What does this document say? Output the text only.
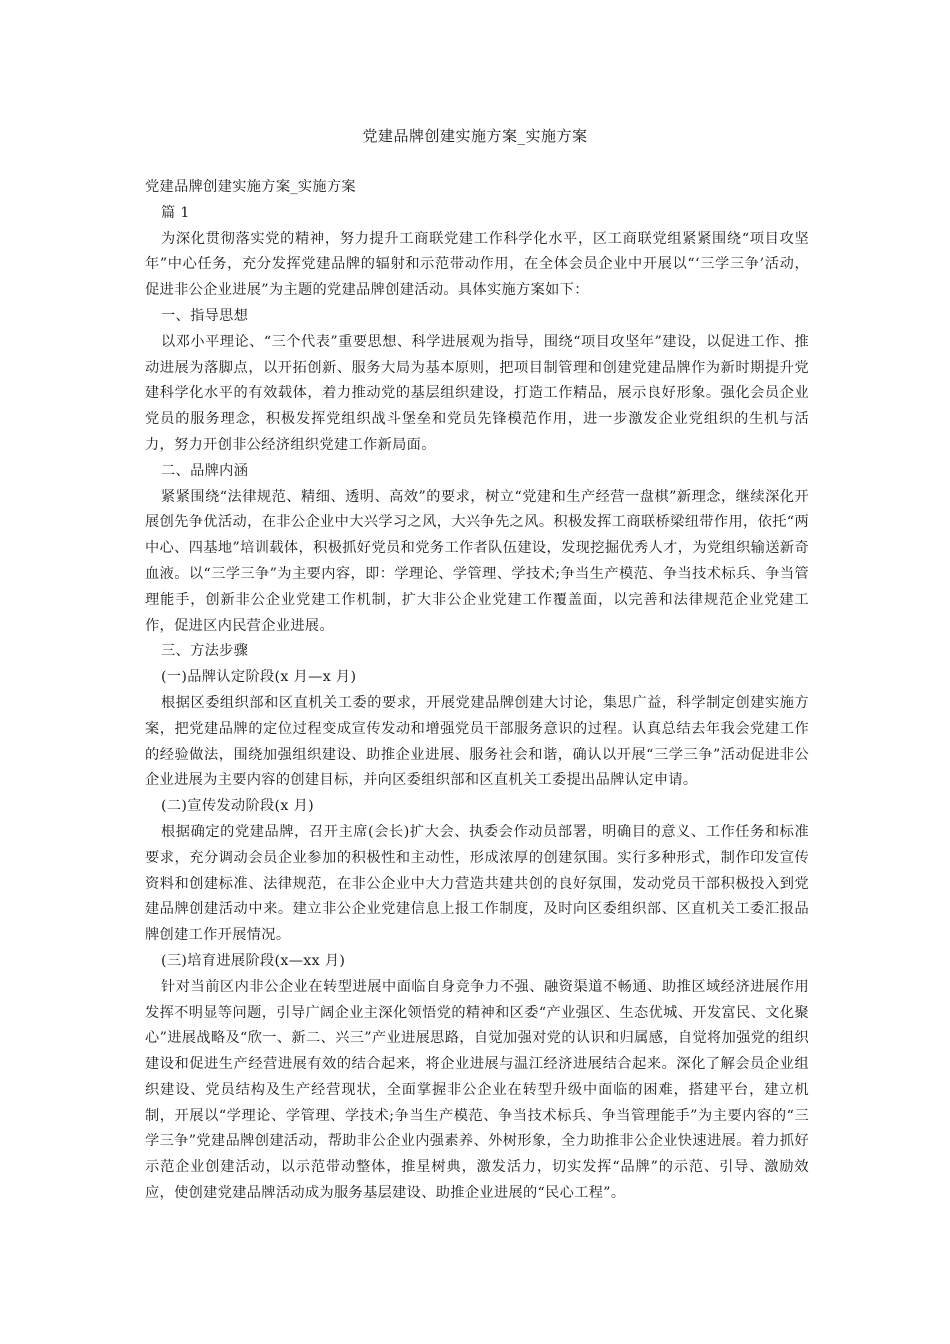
党建品牌创建实施方案_实施方案

党建品牌创建实施方案_实施方案

篇 1

为深化贯彻落实党的精神，努力提升工商联党建工作科学化水平，区工商联党组紧紧围绕“项目攻坚年”中心任务，充分发挥党建品牌的辐射和示范带动作用，在全体会员企业中开展以“‘三学三争’活动，促进非公企业进展”为主题的党建品牌创建活动。具体实施方案如下：

一、指导思想

以邓小平理论、“三个代表”重要思想、科学进展观为指导，围绕“项目攻坚年”建设，以促进工作、推动进展为落脚点，以开拓创新、服务大局为基本原则，把项目制管理和创建党建品牌作为新时期提升党建科学化水平的有效载体，着力推动党的基层组织建设，打造工作精品，展示良好形象。强化会员企业党员的服务理念，积极发挥党组织战斗堡垒和党员先锋模范作用，进一步激发企业党组织的生机与活力，努力开创非公经济组织党建工作新局面。

二、品牌内涵

紧紧围绕“法律规范、精细、透明、高效”的要求，树立“党建和生产经营一盘棋”新理念，继续深化开展创先争优活动，在非公企业中大兴学习之风，大兴争先之风。积极发挥工商联桥梁纽带作用，依托“两中心、四基地”培训载体，积极抓好党员和党务工作者队伍建设，发现挖掘优秀人才，为党组织输送新奇血液。以“三学三争”为主要内容，即：学理论、学管理、学技术;争当生产模范、争当技术标兵、争当管理能手，创新非公企业党建工作机制，扩大非公企业党建工作覆盖面，以完善和法律规范企业党建工作，促进区内民营企业进展。

三、方法步骤

(一)品牌认定阶段(x 月—x 月)

根据区委组织部和区直机关工委的要求，开展党建品牌创建大讨论，集思广益，科学制定创建实施方案，把党建品牌的定位过程变成宣传发动和增强党员干部服务意识的过程。认真总结去年我会党建工作的经验做法，围绕加强组织建设、助推企业进展、服务社会和谐，确认以开展“三学三争”活动促进非公企业进展为主要内容的创建目标，并向区委组织部和区直机关工委提出品牌认定申请。

(二)宣传发动阶段(x 月)

根据确定的党建品牌，召开主席(会长)扩大会、执委会作动员部署，明确目的意义、工作任务和标准要求，充分调动会员企业参加的积极性和主动性，形成浓厚的创建氛围。实行多种形式，制作印发宣传资料和创建标准、法律规范，在非公企业中大力营造共建共创的良好氛围，发动党员干部积极投入到党建品牌创建活动中来。建立非公企业党建信息上报工作制度，及时向区委组织部、区直机关工委汇报品牌创建工作开展情况。

(三)培育进展阶段(x—xx 月)

针对当前区内非公企业在转型进展中面临自身竞争力不强、融资渠道不畅通、助推区域经济进展作用发挥不明显等问题，引导广阔企业主深化领悟党的精神和区委“产业强区、生态优城、开发富民、文化聚心”进展战略及“欣一、新二、兴三”产业进展思路，自觉加强对党的认识和归属感，自觉将加强党的组织建设和促进生产经营进展有效的结合起来，将企业进展与温江经济进展结合起来。深化了解会员企业组织建设、党员结构及生产经营现状，全面掌握非公企业在转型升级中面临的困难，搭建平台，建立机制，开展以“学理论、学管理、学技术;争当生产模范、争当技术标兵、争当管理能手”为主要内容的“三学三争”党建品牌创建活动，帮助非公企业内强素养、外树形象，全力助推非公企业快速进展。着力抓好示范企业创建活动，以示范带动整体，推星树典，激发活力，切实发挥“品牌”的示范、引导、激励效应，使创建党建品牌活动成为服务基层建设、助推企业进展的“民心工程”。
